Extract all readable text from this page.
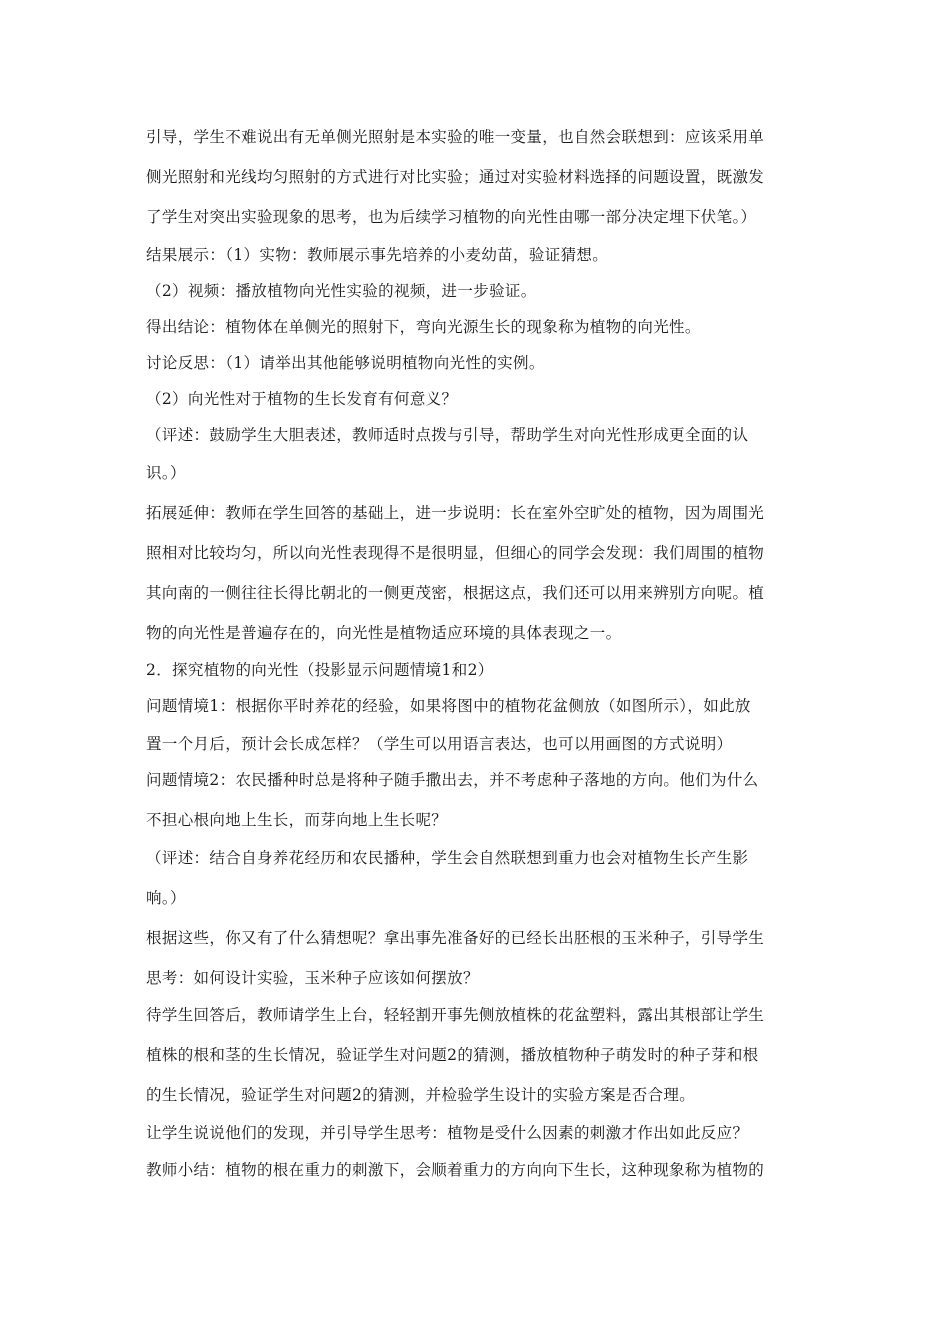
引导，学生不难说出有无单侧光照射是本实验的唯一变量，也自然会联想到：应该采用单
侧光照射和光线均匀照射的方式进行对比实验；通过对实验材料选择的问题设置，既激发
了学生对突出实验现象的思考，也为后续学习植物的向光性由哪一部分决定埋下伏笔。）
结果展示：（1）实物：教师展示事先培养的小麦幼苗，验证猜想。
（2）视频：播放植物向光性实验的视频，进一步验证。
得出结论：植物体在单侧光的照射下，弯向光源生长的现象称为植物的向光性。
讨论反思：（1）请举出其他能够说明植物向光性的实例。
（2）向光性对于植物的生长发育有何意义？
（评述：鼓励学生大胆表述，教师适时点拨与引导，帮助学生对向光性形成更全面的认
识。）
拓展延伸：教师在学生回答的基础上，进一步说明：长在室外空旷处的植物，因为周围光
照相对比较均匀，所以向光性表现得不是很明显，但细心的同学会发现：我们周围的植物
其向南的一侧往往长得比朝北的一侧更茂密，根据这点，我们还可以用来辨别方向呢。植
物的向光性是普遍存在的，向光性是植物适应环境的具体表现之一。
2．探究植物的向光性（投影显示问题情境1和2）
问题情境1：根据你平时养花的经验，如果将图中的植物花盆侧放（如图所示），如此放
置一个月后，预计会长成怎样？（学生可以用语言表达，也可以用画图的方式说明）
问题情境2：农民播种时总是将种子随手撒出去，并不考虑种子落地的方向。他们为什么
不担心根向地上生长，而芽向地上生长呢？
（评述：结合自身养花经历和农民播种，学生会自然联想到重力也会对植物生长产生影
响。）
根据这些，你又有了什么猜想呢？拿出事先准备好的已经长出胚根的玉米种子，引导学生
思考：如何设计实验，玉米种子应该如何摆放？
待学生回答后，教师请学生上台，轻轻割开事先侧放植株的花盆塑料，露出其根部让学生
植株的根和茎的生长情况，验证学生对问题2的猜测，播放植物种子萌发时的种子芽和根
的生长情况，验证学生对问题2的猜测，并检验学生设计的实验方案是否合理。
让学生说说他们的发现，并引导学生思考：植物是受什么因素的刺激才作出如此反应？
教师小结：植物的根在重力的刺激下，会顺着重力的方向向下生长，这种现象称为植物的
